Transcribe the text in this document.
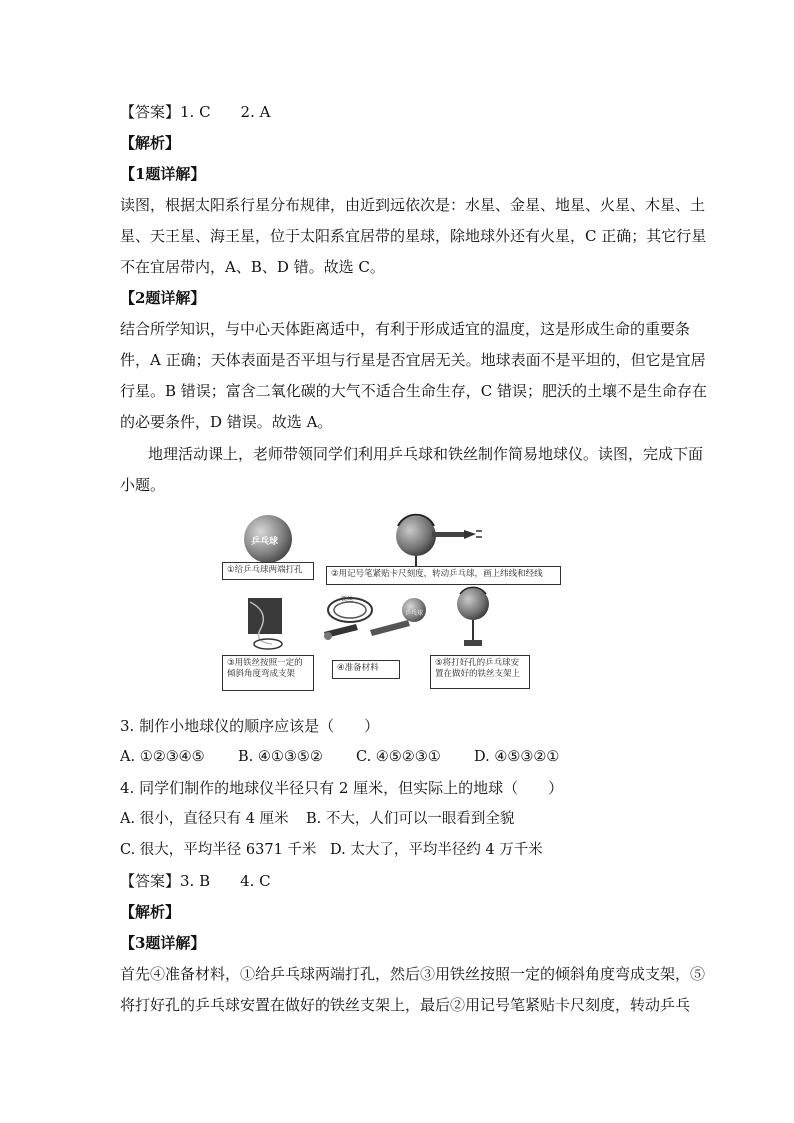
【答案】1. C　　2. A
【解析】
【1题详解】
读图，根据太阳系行星分布规律，由近到远依次是：水星、金星、地星、火星、木星、土
星、天王星、海王星，位于太阳系宜居带的星球，除地球外还有火星，C 正确；其它行星
不在宜居带内，A、B、D 错。故选 C。
【2题详解】
结合所学知识，与中心天体距离适中，有利于形成适宜的温度，这是形成生命的重要条
件，A 正确；天体表面是否平坦与行星是否宜居无关。地球表面不是平坦的，但它是宜居
行星。B 错误；富含二氧化碳的大气不适合生命生存，C 错误；肥沃的土壤不是生命存在
的必要条件，D 错误。故选 A。
地理活动课上，老师带领同学们利用乒乓球和铁丝制作简易地球仪。读图，完成下面
小题。
乒乓球
铁丝
乒乓球
①给乒乓球两端打孔	②用记号笔紧贴卡尺刻度，转动乒乓球，画上纬线和经线
③用铁丝按照一定的
倾斜角度弯成支架
④准备材料	⑤将打好孔的乒乓球安
置在做好的铁丝支架上
3. 制作小地球仪的顺序应该是（　　）
A. ①②③④⑤ B. ④①③⑤② C. ④⑤②③① D. ④⑤③②①
4. 同学们制作的地球仪半径只有 2 厘米，但实际上的地球（　　）
A. 很小，直径只有 4 厘米 B. 不大，人们可以一眼看到全貌
C. 很大，平均半径 6371 千米 D. 太大了，平均半径约 4 万千米
【答案】3. B　　4. C
【解析】
【3题详解】
首先④准备材料，①给乒乓球两端打孔，然后③用铁丝按照一定的倾斜角度弯成支架，⑤
将打好孔的乒乓球安置在做好的铁丝支架上，最后②用记号笔紧贴卡尺刻度，转动乒乓
